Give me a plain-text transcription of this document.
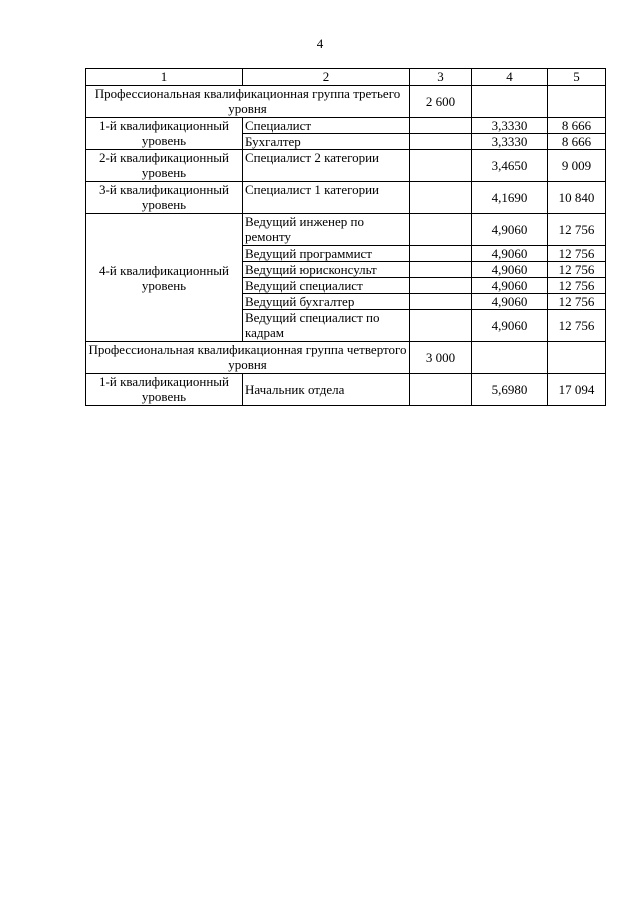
4
1	2	3	4	5
Профессиональная квалификационная группа третьего уровня		2 600		
1-й квалификационный уровень	Специалист		3,3330	8 666
	Бухгалтер		3,3330	8 666
2-й квалификационный уровень	Специалист 2 категории		3,4650	9 009
3-й квалификационный уровень	Специалист 1 категории		4,1690	10 840
4-й квалификационный уровень	Ведущий инженер по ремонту		4,9060	12 756
	Ведущий программист		4,9060	12 756
	Ведущий юрисконсульт		4,9060	12 756
	Ведущий специалист		4,9060	12 756
	Ведущий бухгалтер		4,9060	12 756
	Ведущий специалист по кадрам		4,9060	12 756
Профессиональная квалификационная группа четвертого уровня		3 000		
1-й квалификационный уровень	Начальник отдела		5,6980	17 094
